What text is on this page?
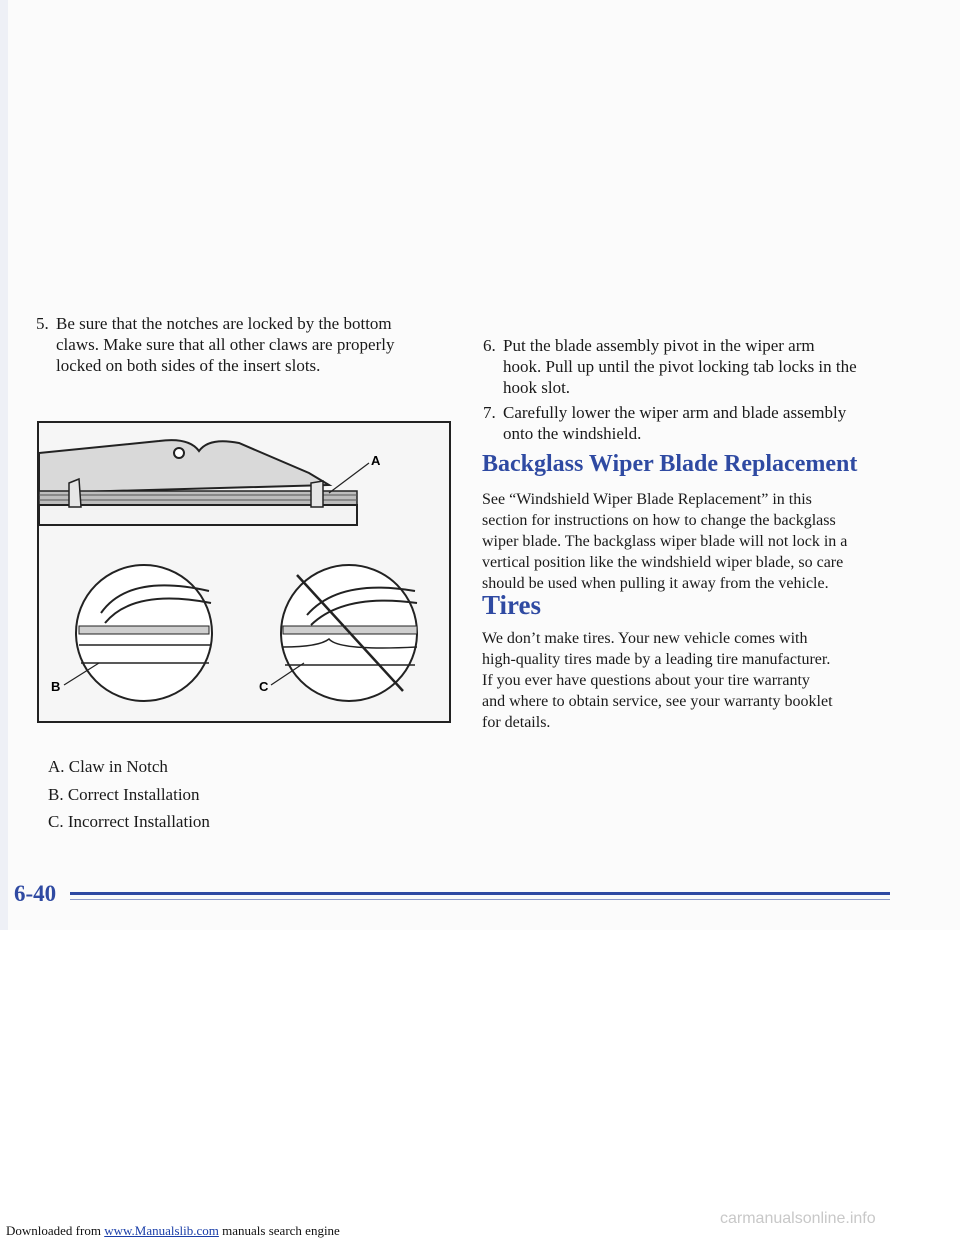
5. Be sure that the notches are locked by the bottom
claws. Make sure that all other claws are properly
locked on both sides of the insert slots.
A
B	C
A. Claw in Notch
B. Correct Installation
C. Incorrect Installation
6. Put the blade assembly pivot in the wiper arm
hook. Pull up until the pivot locking tab locks in the
hook slot.
7. Carefully lower the wiper arm and blade assembly
onto the windshield.
Backglass Wiper Blade Replacement
See “Windshield Wiper Blade Replacement” in this
section for instructions on how to change the backglass
wiper blade. The backglass wiper blade will not lock in a
vertical position like the windshield wiper blade, so care
should be used when pulling it away from the vehicle.
Tires
We don’t make tires. Your new vehicle comes with
high-quality tires made by a leading tire manufacturer.
If you ever have questions about your tire warranty
and where to obtain service, see your warranty booklet
for details.
6-40
carmanualsonline.info
Downloaded from www.Manualslib.com manuals search engine
